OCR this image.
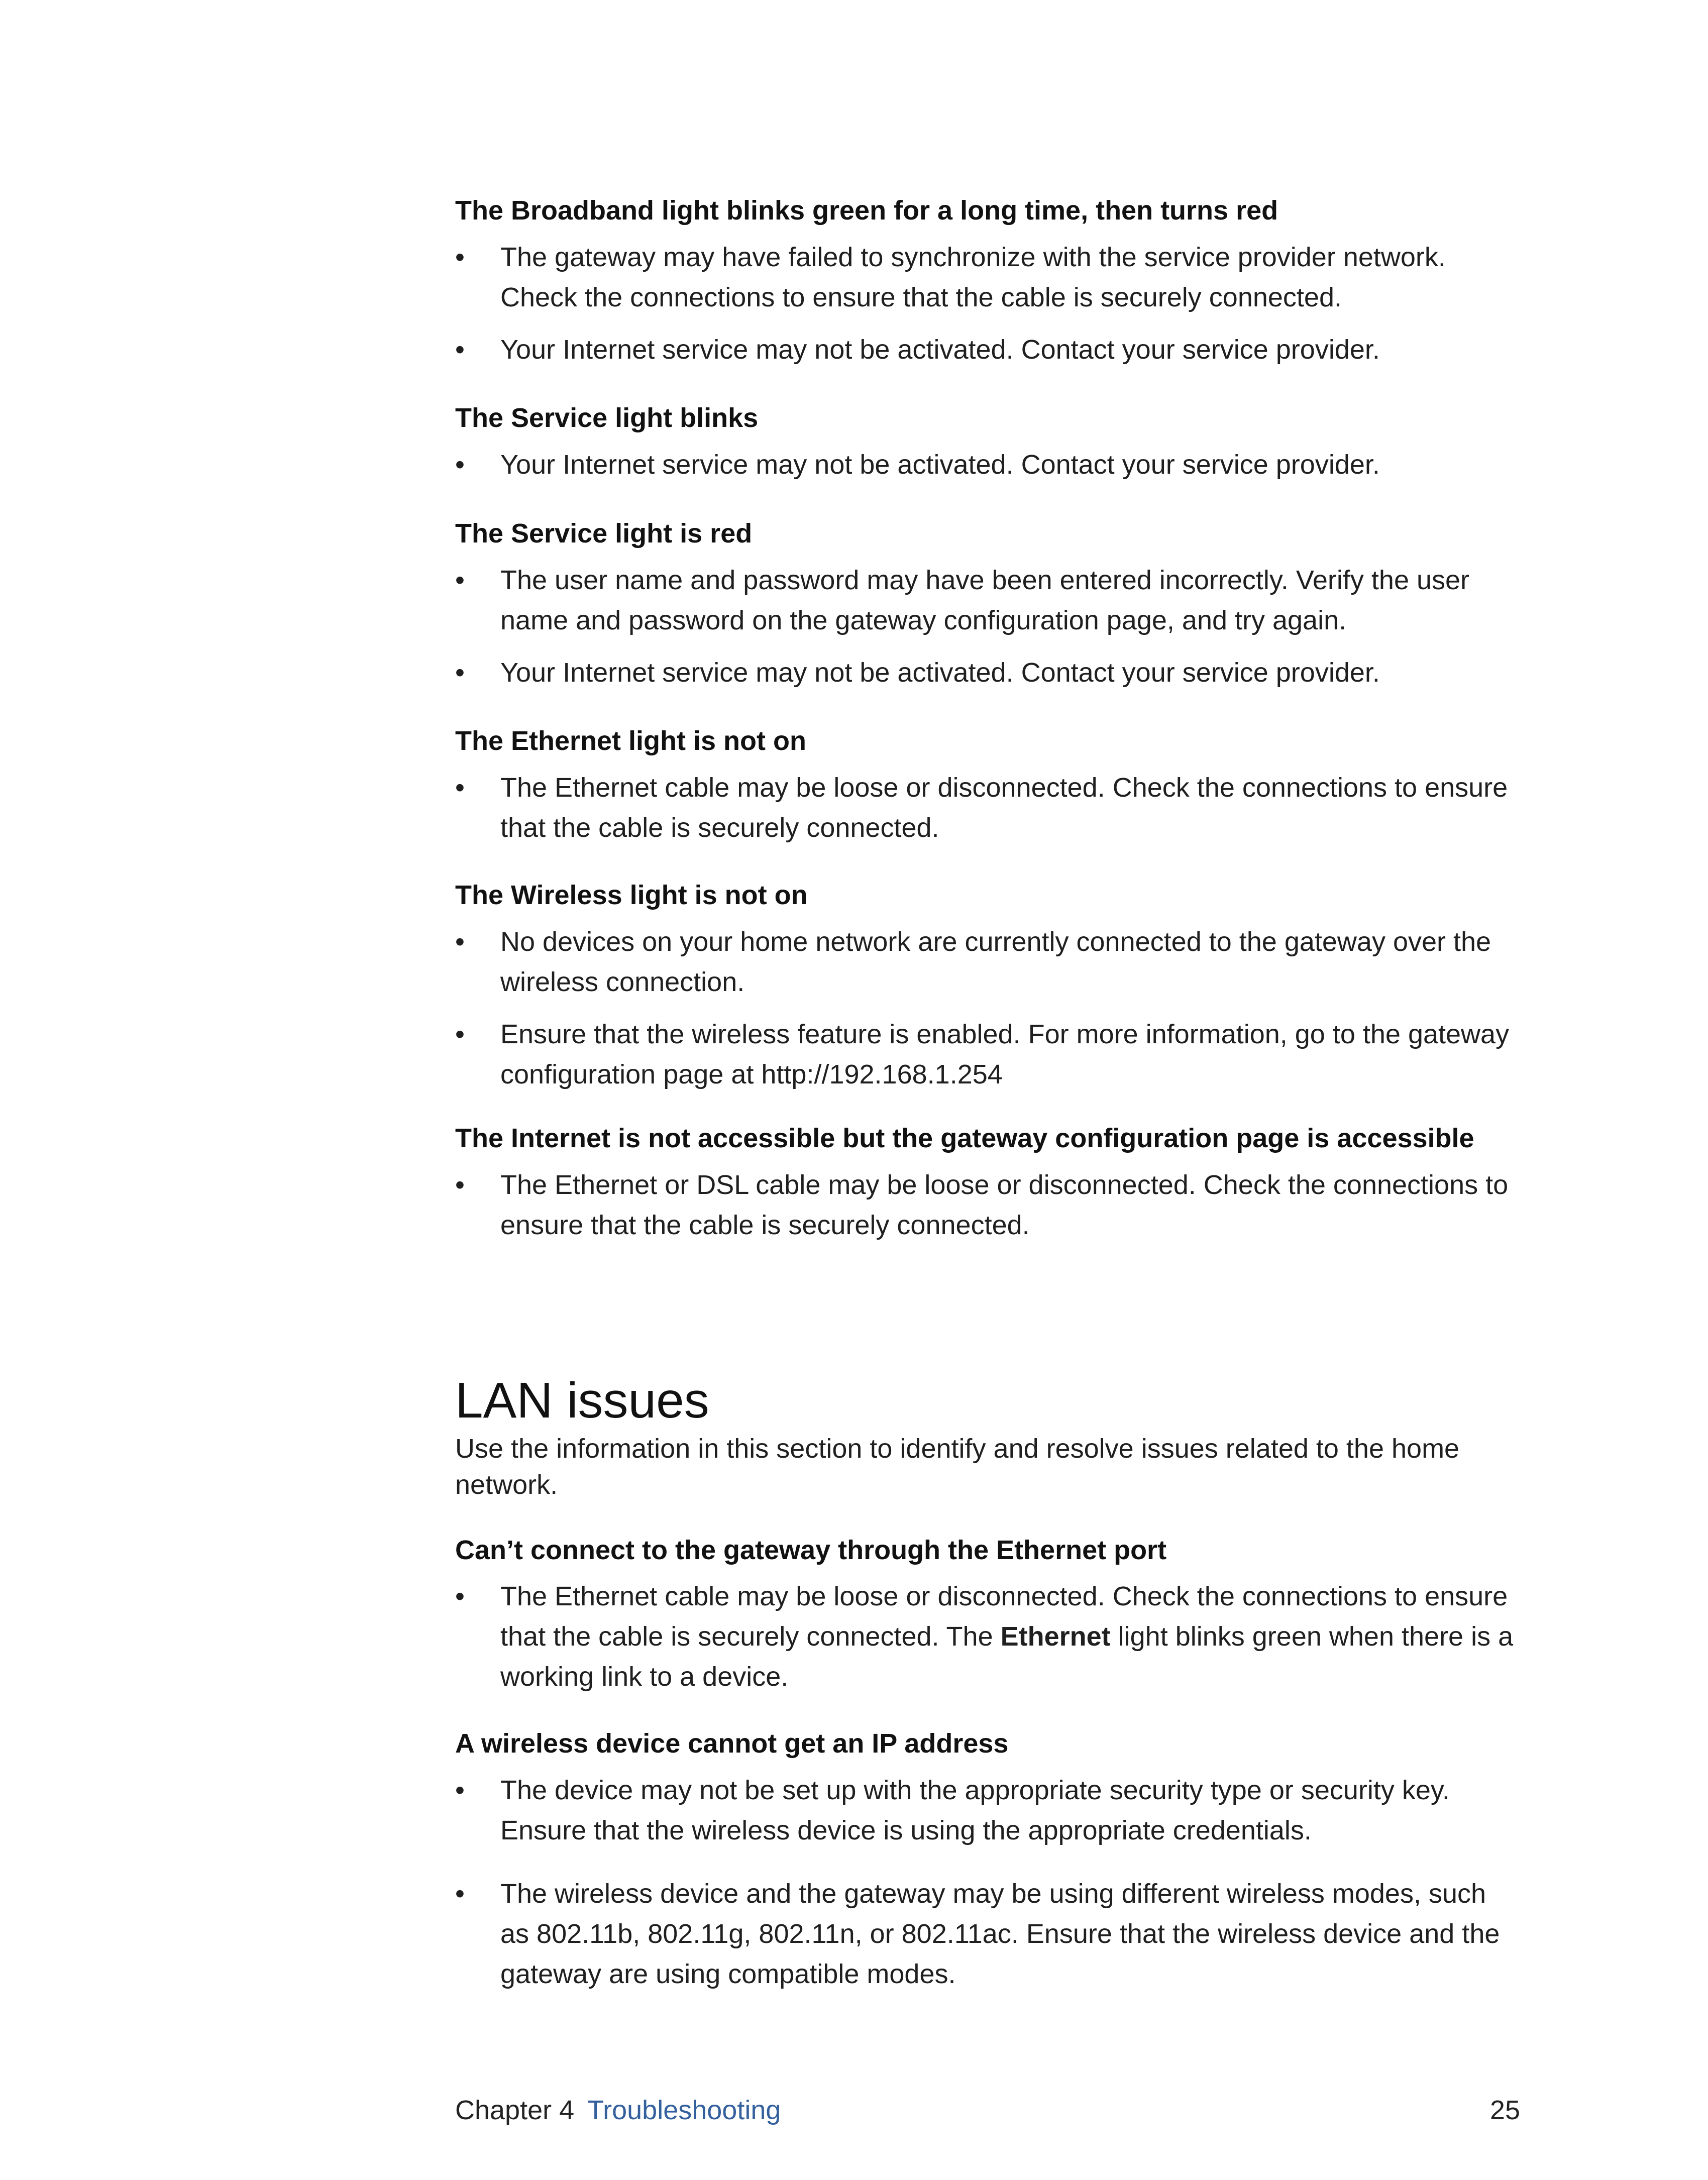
The Broadband light blinks green for a long time, then turns red
•	The gateway may have failed to synchronize with the service provider network. Check the connections to ensure that the cable is securely connected.
•	Your Internet service may not be activated. Contact your service provider.
The Service light blinks
•	Your Internet service may not be activated. Contact your service provider.
The Service light is red
•	The user name and password may have been entered incorrectly. Verify the user name and password on the gateway configuration page, and try again.
•	Your Internet service may not be activated. Contact your service provider.
The Ethernet light is not on
•	The Ethernet cable may be loose or disconnected. Check the connections to ensure that the cable is securely connected.
The Wireless light is not on
•	No devices on your home network are currently connected to the gateway over the wireless connection.
•	Ensure that the wireless feature is enabled. For more information, go to the gateway configuration page at http://192.168.1.254
The Internet is not accessible but the gateway configuration page is accessible
•	The Ethernet or DSL cable may be loose or disconnected. Check the connections to ensure that the cable is securely connected.
LAN issues

Use the information in this section to identify and resolve issues related to the home network.

Can’t connect to the gateway through the Ethernet port
•	The Ethernet cable may be loose or disconnected. Check the connections to ensure that the cable is securely connected. The Ethernet light blinks green when there is a working link to a device.
A wireless device cannot get an IP address
•	The device may not be set up with the appropriate security type or security key. Ensure that the wireless device is using the appropriate credentials.
•	The wireless device and the gateway may be using different wireless modes, such as 802.11b, 802.11g, 802.11n, or 802.11ac. Ensure that the wireless device and the gateway are using compatible modes.
Chapter 4 Troubleshooting	25
